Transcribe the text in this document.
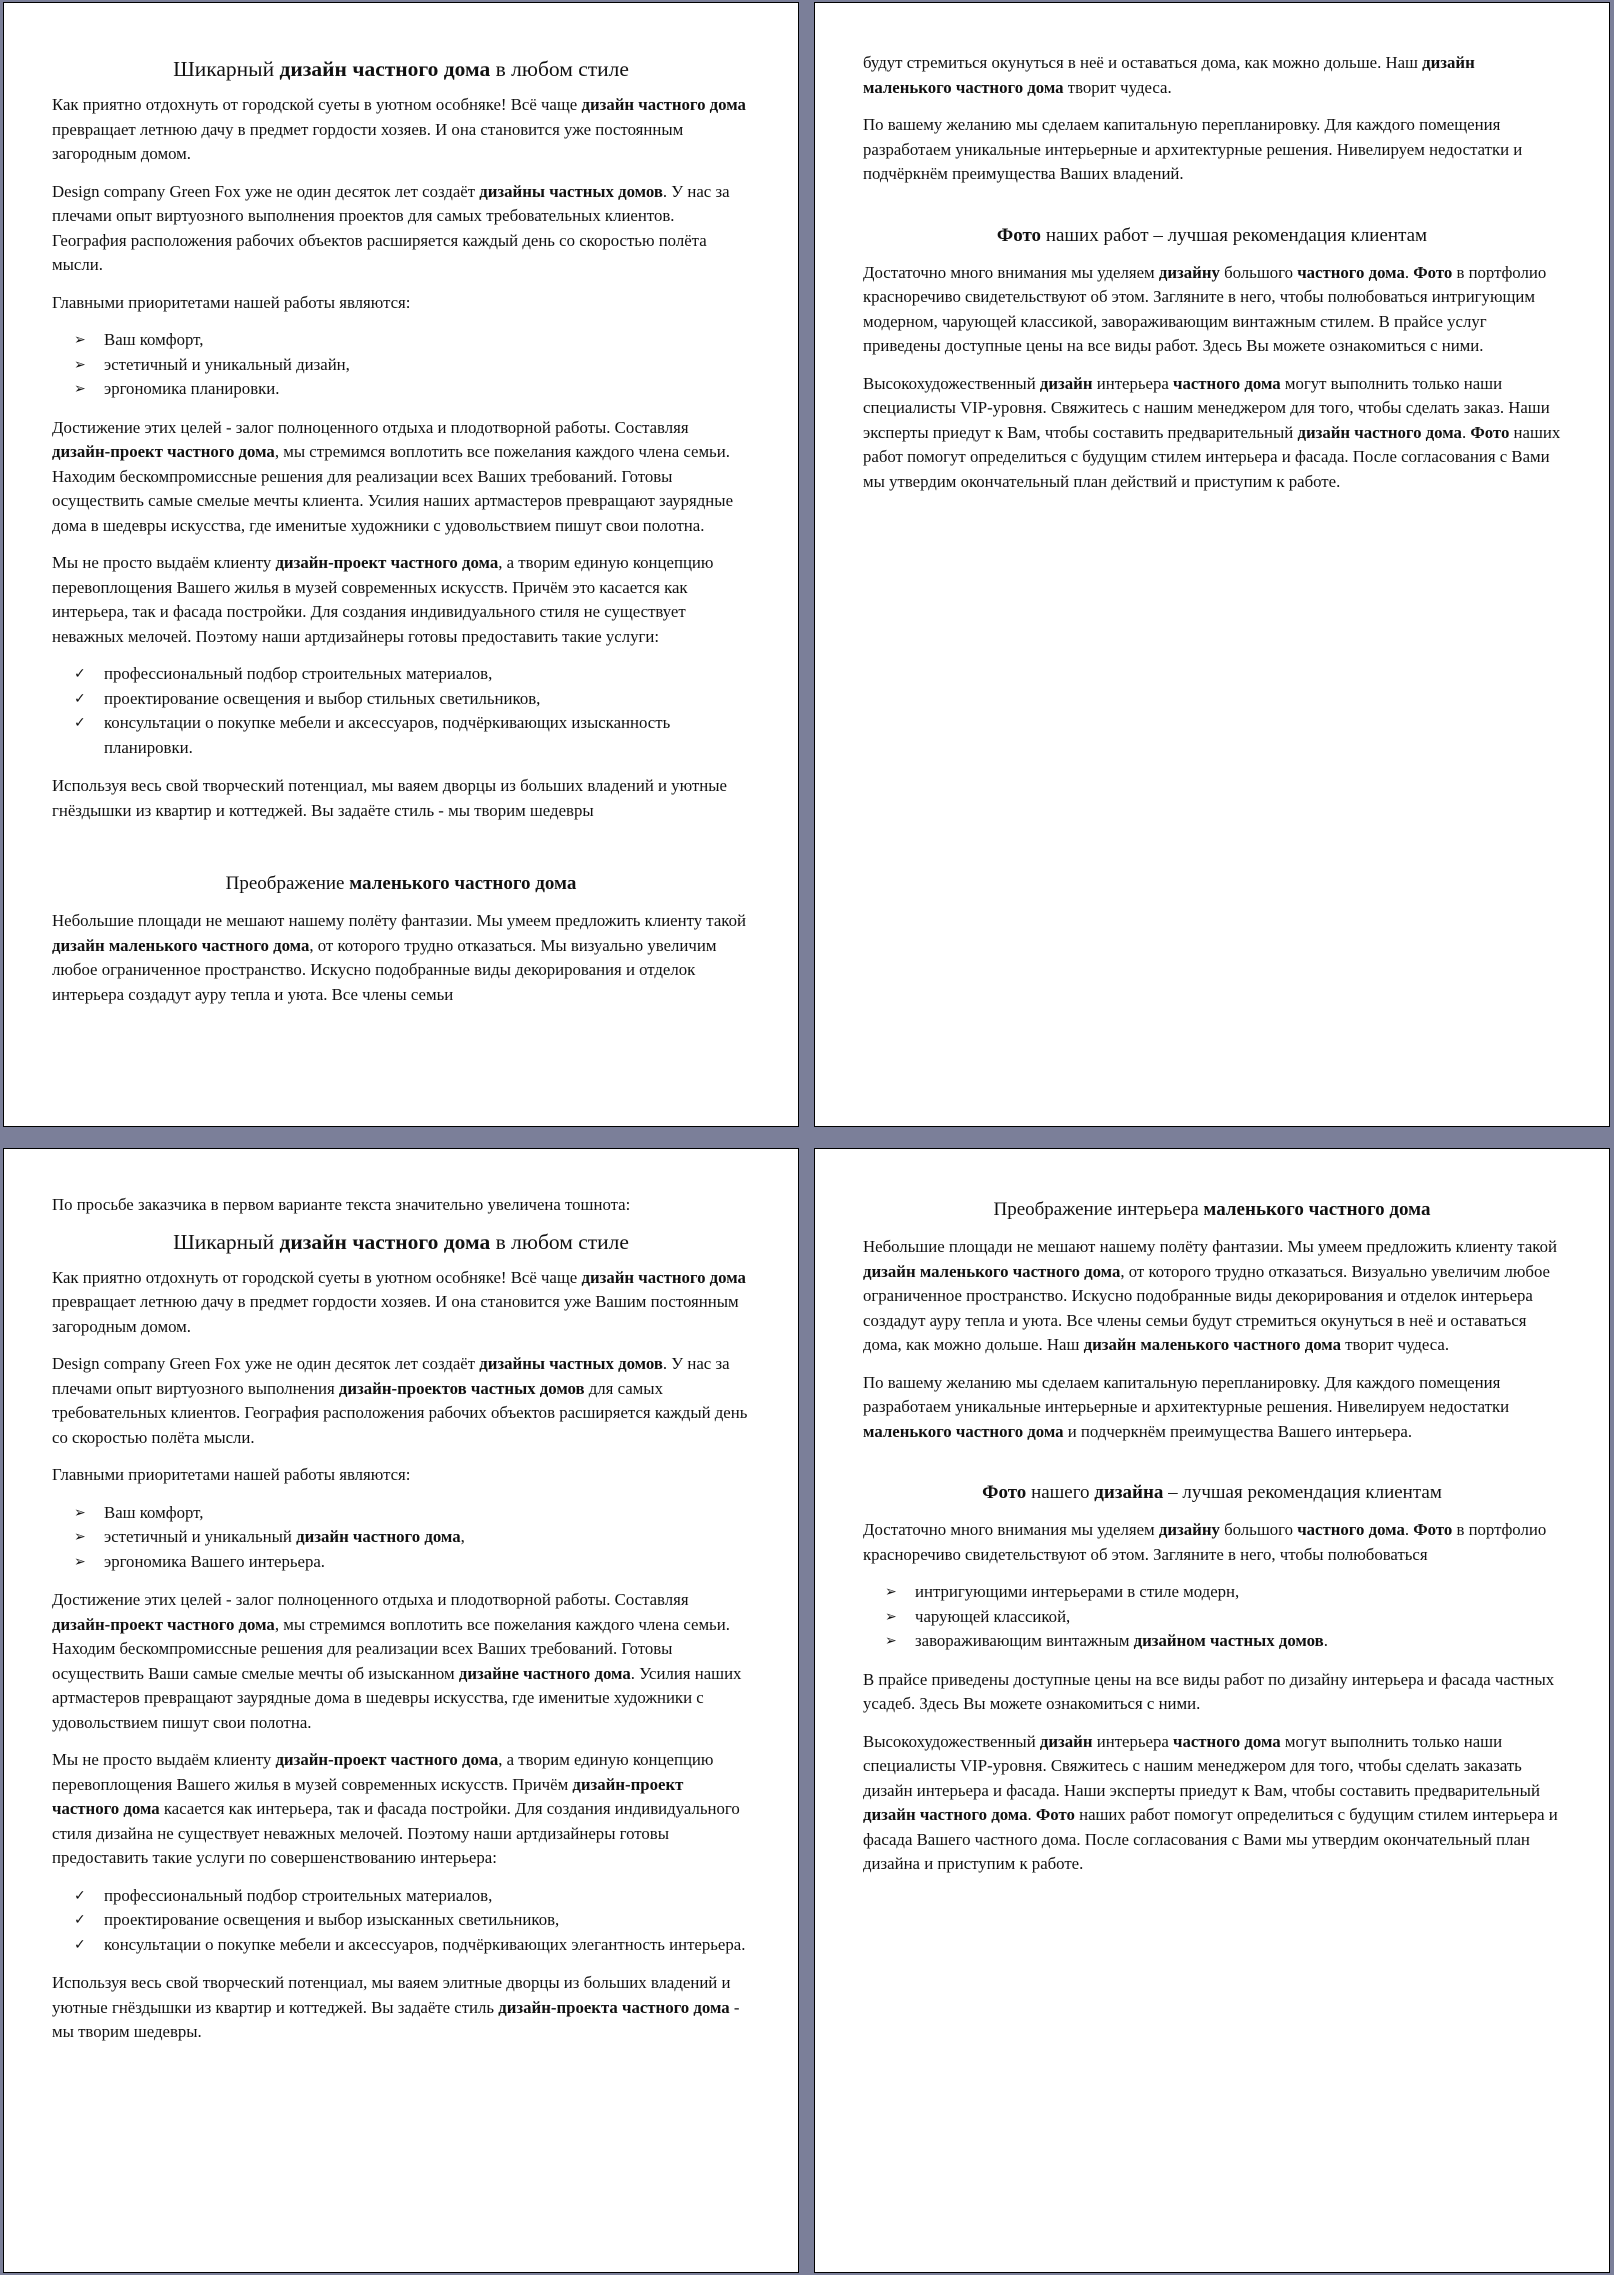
Шикарный дизайн частного дома в любом стиле

Как приятно отдохнуть от городской суеты в уютном особняке! Всё чаще дизайн частного дома превращает летнюю дачу в предмет гордости хозяев. И она становится уже постоянным загородным домом.

Design company Green Fox уже не один десяток лет создаёт дизайны частных домов. У нас за плечами опыт виртуозного выполнения проектов для самых требовательных клиентов. География расположения рабочих объектов расширяется каждый день со скоростью полёта мысли.

Главными приоритетами нашей работы являются:

➢	Ваш комфорт,
➢	эстетичный и уникальный дизайн,
➢	эргономика планировки.

Достижение этих целей - залог полноценного отдыха и плодотворной работы. Составляя дизайн-проект частного дома, мы стремимся воплотить все пожелания каждого члена семьи. Находим бескомпромиссные решения для реализации всех Ваших требований. Готовы осуществить самые смелые мечты клиента. Усилия наших артмастеров превращают заурядные дома в шедевры искусства, где именитые художники с удовольствием пишут свои полотна.

Мы не просто выдаём клиенту дизайн-проект частного дома, а творим единую концепцию перевоплощения Вашего жилья в музей современных искусств. Причём это касается как интерьера, так и фасада постройки. Для создания индивидуального стиля не существует неважных мелочей. Поэтому наши артдизайнеры готовы предоставить такие услуги:

✓	профессиональный подбор строительных материалов,
✓	проектирование освещения и выбор стильных светильников,
✓	консультации о покупке мебели и аксессуаров, подчёркивающих изысканность планировки.

Используя весь свой творческий потенциал, мы ваяем дворцы из больших владений и уютные гнёздышки из квартир и коттеджей. Вы задаёте стиль - мы творим шедевры

Преображение маленького частного дома

Небольшие площади не мешают нашему полёту фантазии. Мы умеем предложить клиенту такой дизайн маленького частного дома, от которого трудно отказаться. Мы визуально увеличим любое ограниченное пространство. Искусно подобранные виды декорирования и отделок интерьера создадут ауру тепла и уюта. Все члены семьи

будут стремиться окунуться в неё и оставаться дома, как можно дольше. Наш дизайн маленького частного дома творит чудеса.

По вашему желанию мы сделаем капитальную перепланировку. Для каждого помещения разработаем уникальные интерьерные и архитектурные решения. Нивелируем недостатки и подчёркнём преимущества Ваших владений.

Фото наших работ – лучшая рекомендация клиентам

Достаточно много внимания мы уделяем дизайну большого частного дома. Фото в портфолио красноречиво свидетельствуют об этом. Загляните в него, чтобы полюбоваться интригующим модерном, чарующей классикой, завораживающим винтажным стилем. В прайсе услуг приведены доступные цены на все виды работ. Здесь Вы можете ознакомиться с ними.

Высокохудожественный дизайн интерьера частного дома могут выполнить только наши специалисты VIP-уровня. Свяжитесь с нашим менеджером для того, чтобы сделать заказ. Наши эксперты приедут к Вам, чтобы составить предварительный дизайн частного дома. Фото наших работ помогут определиться с будущим стилем интерьера и фасада. После согласования с Вами мы утвердим окончательный план действий и приступим к работе.

По просьбе заказчика в первом варианте текста значительно увеличена тошнота:

Шикарный дизайн частного дома в любом стиле

Как приятно отдохнуть от городской суеты в уютном особняке! Всё чаще дизайн частного дома превращает летнюю дачу в предмет гордости хозяев. И она становится уже Вашим постоянным загородным домом.

Design company Green Fox уже не один десяток лет создаёт дизайны частных домов. У нас за плечами опыт виртуозного выполнения дизайн-проектов частных домов для самых требовательных клиентов. География расположения рабочих объектов расширяется каждый день со скоростью полёта мысли.

Главными приоритетами нашей работы являются:

➢	Ваш комфорт,
➢	эстетичный и уникальный дизайн частного дома,
➢	эргономика Вашего интерьера.

Достижение этих целей - залог полноценного отдыха и плодотворной работы. Составляя дизайн-проект частного дома, мы стремимся воплотить все пожелания каждого члена семьи. Находим бескомпромиссные решения для реализации всех Ваших требований. Готовы осуществить Ваши самые смелые мечты об изысканном дизайне частного дома. Усилия наших артмастеров превращают заурядные дома в шедевры искусства, где именитые художники с удовольствием пишут свои полотна.

Мы не просто выдаём клиенту дизайн-проект частного дома, а творим единую концепцию перевоплощения Вашего жилья в музей современных искусств. Причём дизайн-проект частного дома касается как интерьера, так и фасада постройки. Для создания индивидуального стиля дизайна не существует неважных мелочей. Поэтому наши артдизайнеры готовы предоставить такие услуги по совершенствованию интерьера:

✓	профессиональный подбор строительных материалов,
✓	проектирование освещения и выбор изысканных светильников,
✓	консультации о покупке мебели и аксессуаров, подчёркивающих элегантность интерьера.

Используя весь свой творческий потенциал, мы ваяем элитные дворцы из больших владений и уютные гнёздышки из квартир и коттеджей. Вы задаёте стиль дизайн-проекта частного дома - мы творим шедевры.

Преображение интерьера маленького частного дома

Небольшие площади не мешают нашему полёту фантазии. Мы умеем предложить клиенту такой дизайн маленького частного дома, от которого трудно отказаться. Визуально увеличим любое ограниченное пространство. Искусно подобранные виды декорирования и отделок интерьера создадут ауру тепла и уюта. Все члены семьи будут стремиться окунуться в неё и оставаться дома, как можно дольше. Наш дизайн маленького частного дома творит чудеса.

По вашему желанию мы сделаем капитальную перепланировку. Для каждого помещения разработаем уникальные интерьерные и архитектурные решения. Нивелируем недостатки маленького частного дома и подчеркнём преимущества Вашего интерьера.

Фото нашего дизайна – лучшая рекомендация клиентам

Достаточно много внимания мы уделяем дизайну большого частного дома. Фото в портфолио красноречиво свидетельствуют об этом. Загляните в него, чтобы полюбоваться

➢	интригующими интерьерами в стиле модерн,
➢	чарующей классикой,
➢	завораживающим винтажным дизайном частных домов.

В прайсе приведены доступные цены на все виды работ по дизайну интерьера и фасада частных усадеб. Здесь Вы можете ознакомиться с ними.

Высокохудожественный дизайн интерьера частного дома могут выполнить только наши специалисты VIP-уровня. Свяжитесь с нашим менеджером для того, чтобы сделать заказать дизайн интерьера и фасада. Наши эксперты приедут к Вам, чтобы составить предварительный дизайн частного дома. Фото наших работ помогут определиться с будущим стилем интерьера и фасада Вашего частного дома. После согласования с Вами мы утвердим окончательный план дизайна и приступим к работе.
